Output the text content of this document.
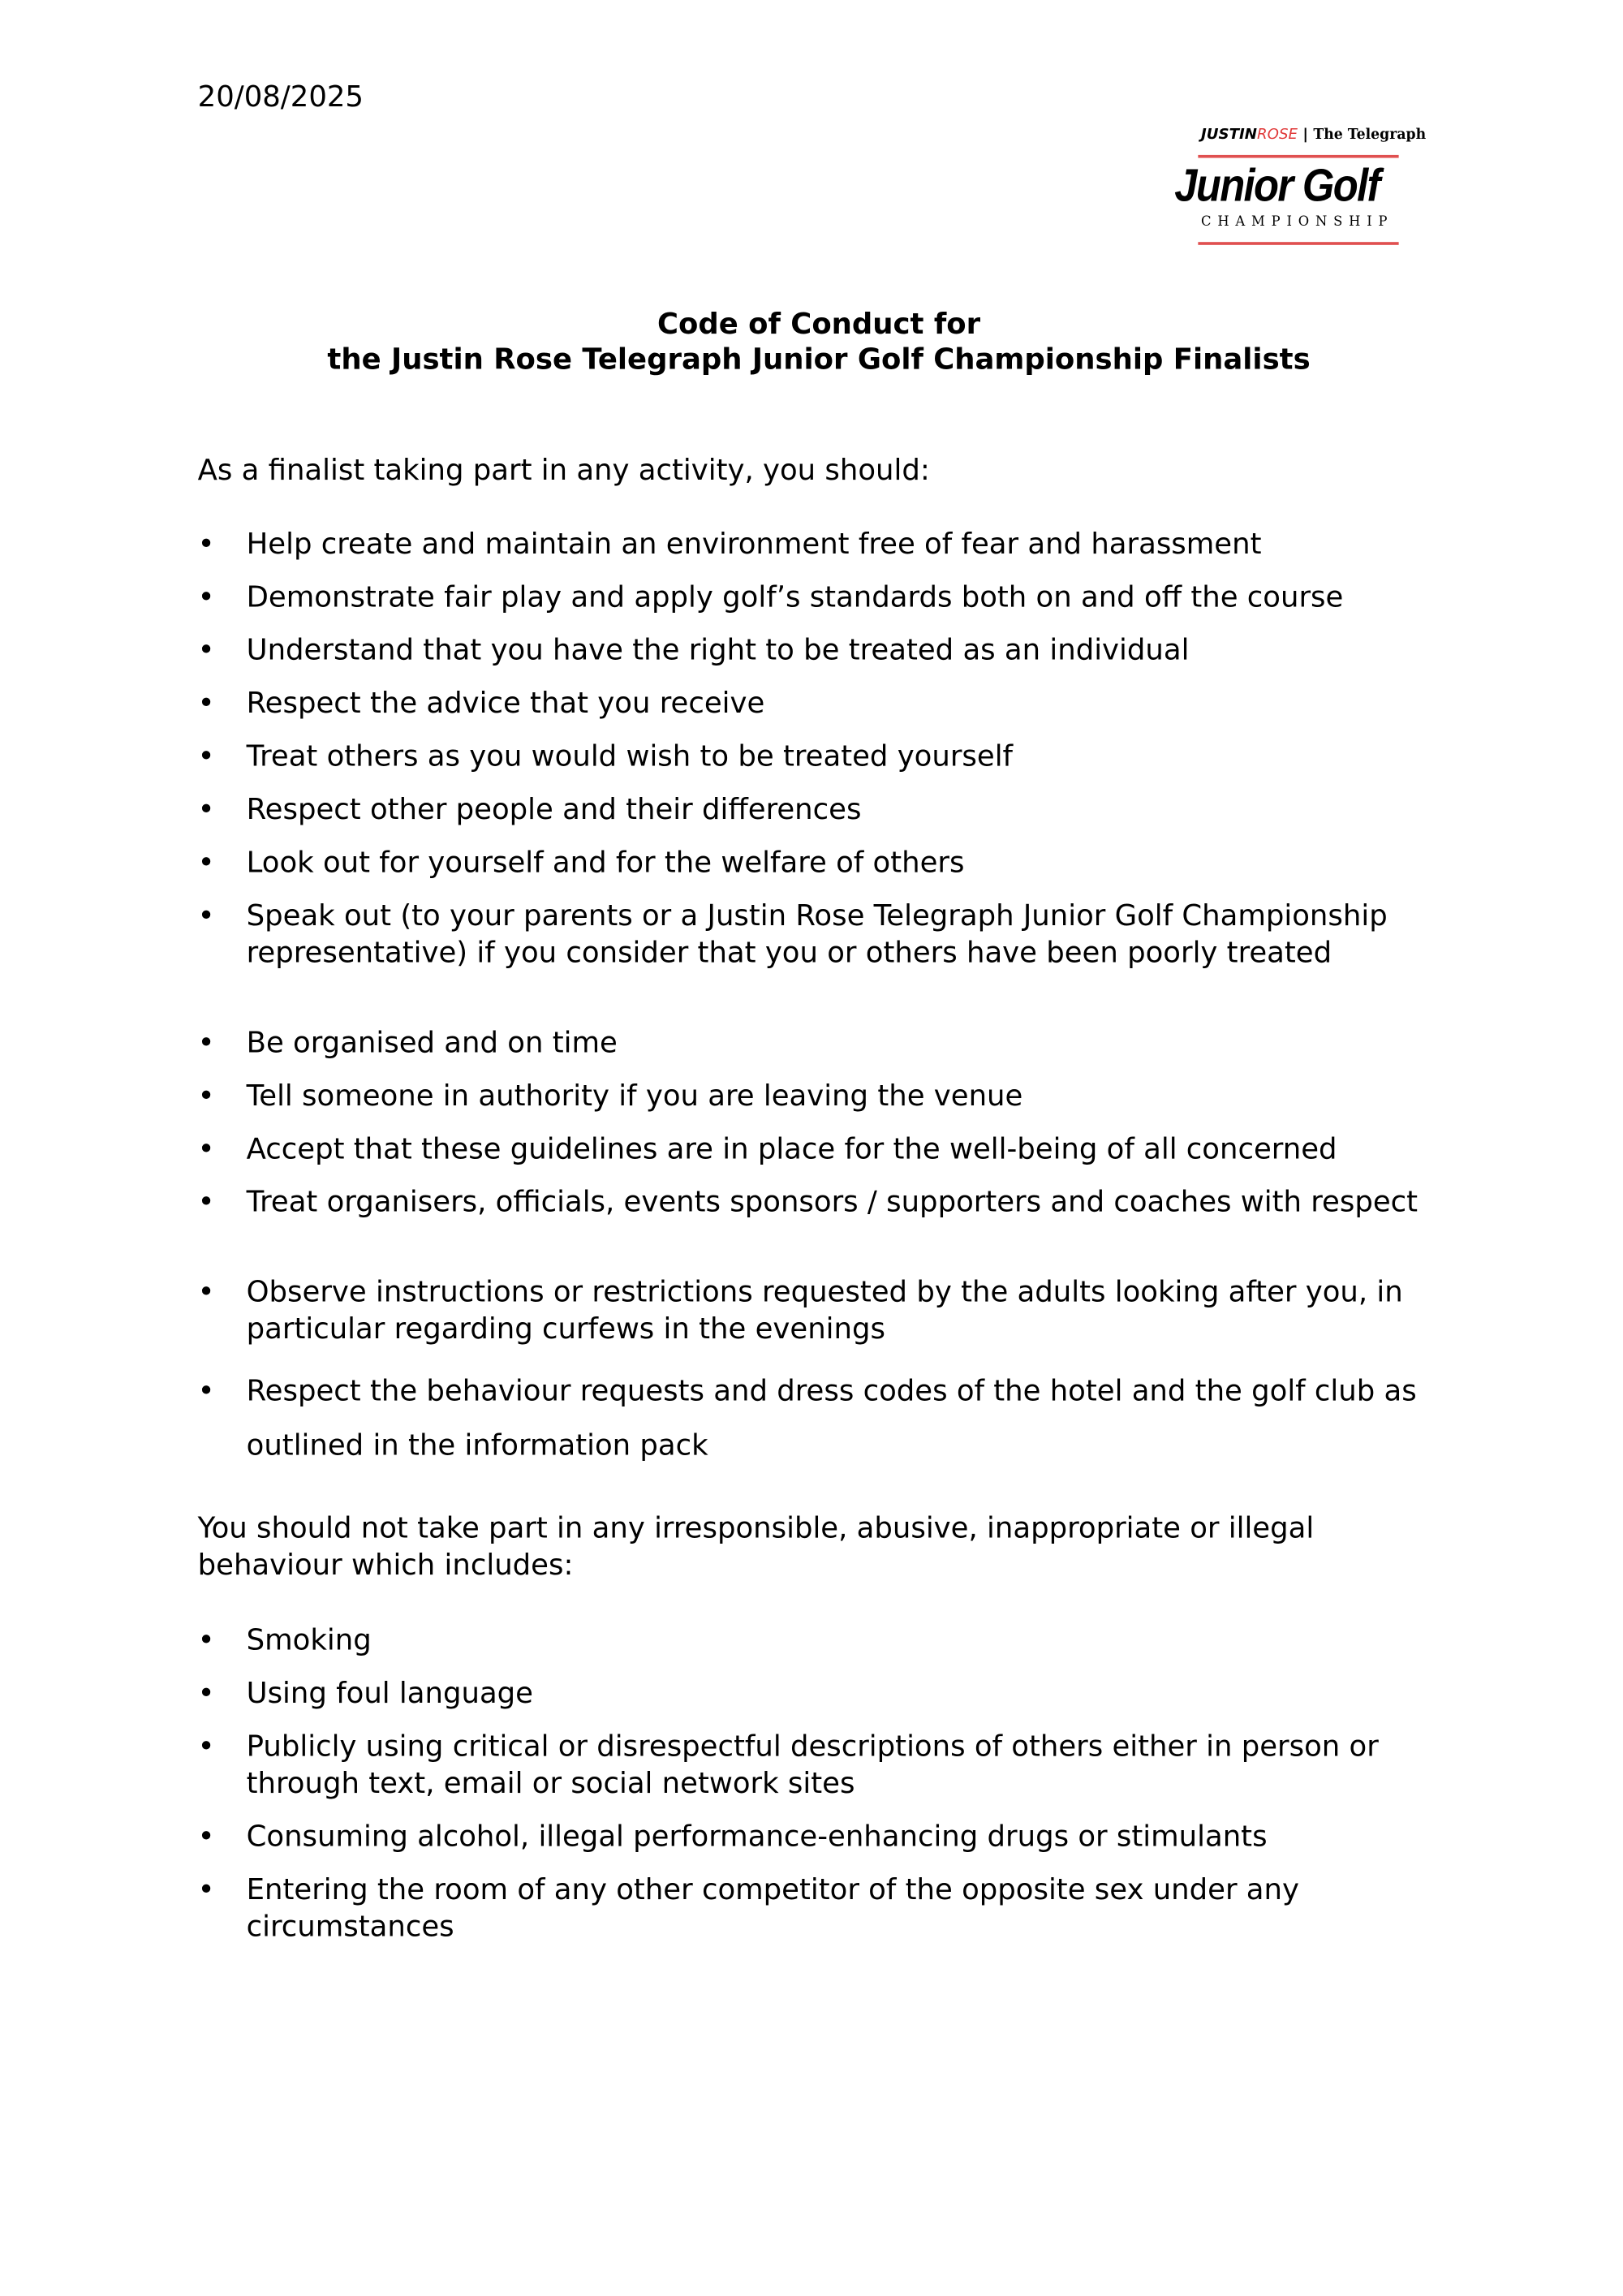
20/08/2025
JUSTINROSE | The Telegraph
Junior Golf
CHAMPIONSHIP
Code of Conduct for
the Justin Rose Telegraph Junior Golf Championship Finalists
As a finalist taking part in any activity, you should:
• Help create and maintain an environment free of fear and harassment
• Demonstrate fair play and apply golf’s standards both on and off the course
• Understand that you have the right to be treated as an individual
• Respect the advice that you receive
• Treat others as you would wish to be treated yourself
• Respect other people and their differences
• Look out for yourself and for the welfare of others
• Speak out (to your parents or a Justin Rose Telegraph Junior Golf Championship representative) if you consider that you or others have been poorly treated
• Be organised and on time
• Tell someone in authority if you are leaving the venue
• Accept that these guidelines are in place for the well-being of all concerned
• Treat organisers, officials, events sponsors / supporters and coaches with respect
• Observe instructions or restrictions requested by the adults looking after you, in particular regarding curfews in the evenings
• Respect the behaviour requests and dress codes of the hotel and the golf club as outlined in the information pack
You should not take part in any irresponsible, abusive, inappropriate or illegal behaviour which includes:
• Smoking
• Using foul language
• Publicly using critical or disrespectful descriptions of others either in person or through text, email or social network sites
• Consuming alcohol, illegal performance-enhancing drugs or stimulants
• Entering the room of any other competitor of the opposite sex under any circumstances
